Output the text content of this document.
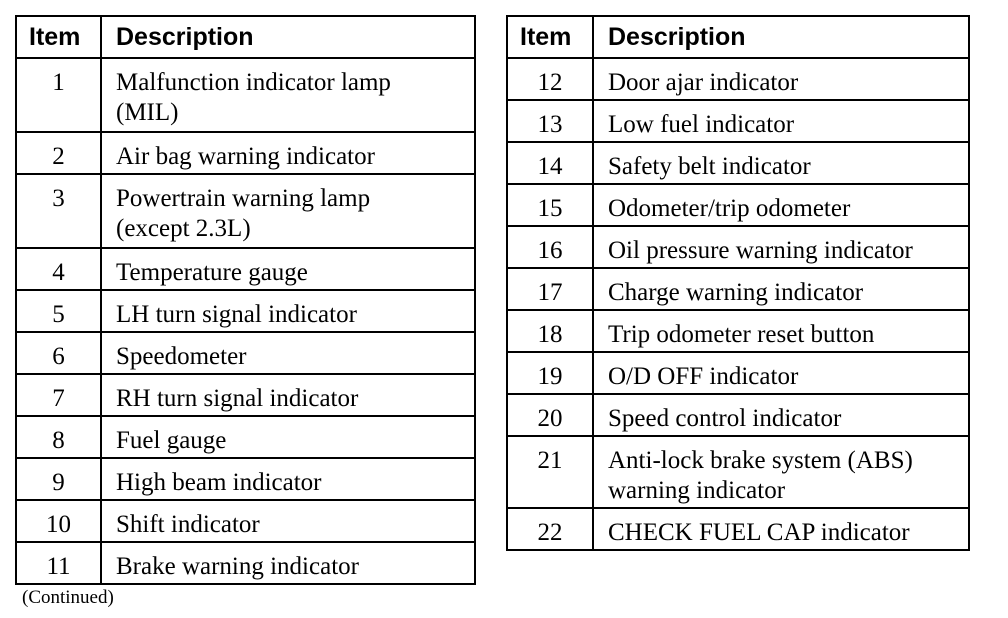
Item	Description
1	Malfunction indicator lamp
(MIL)
2	Air bag warning indicator
3	Powertrain warning lamp
(except 2.3L)
4	Temperature gauge
5	LH turn signal indicator
6	Speedometer
7	RH turn signal indicator
8	Fuel gauge
9	High beam indicator
10	Shift indicator
11	Brake warning indicator
Item	Description
12	Door ajar indicator
13	Low fuel indicator
14	Safety belt indicator
15	Odometer/trip odometer
16	Oil pressure warning indicator
17	Charge warning indicator
18	Trip odometer reset button
19	O/D OFF indicator
20	Speed control indicator
21	Anti-lock brake system (ABS)
warning indicator
22	CHECK FUEL CAP indicator
(Continued)
